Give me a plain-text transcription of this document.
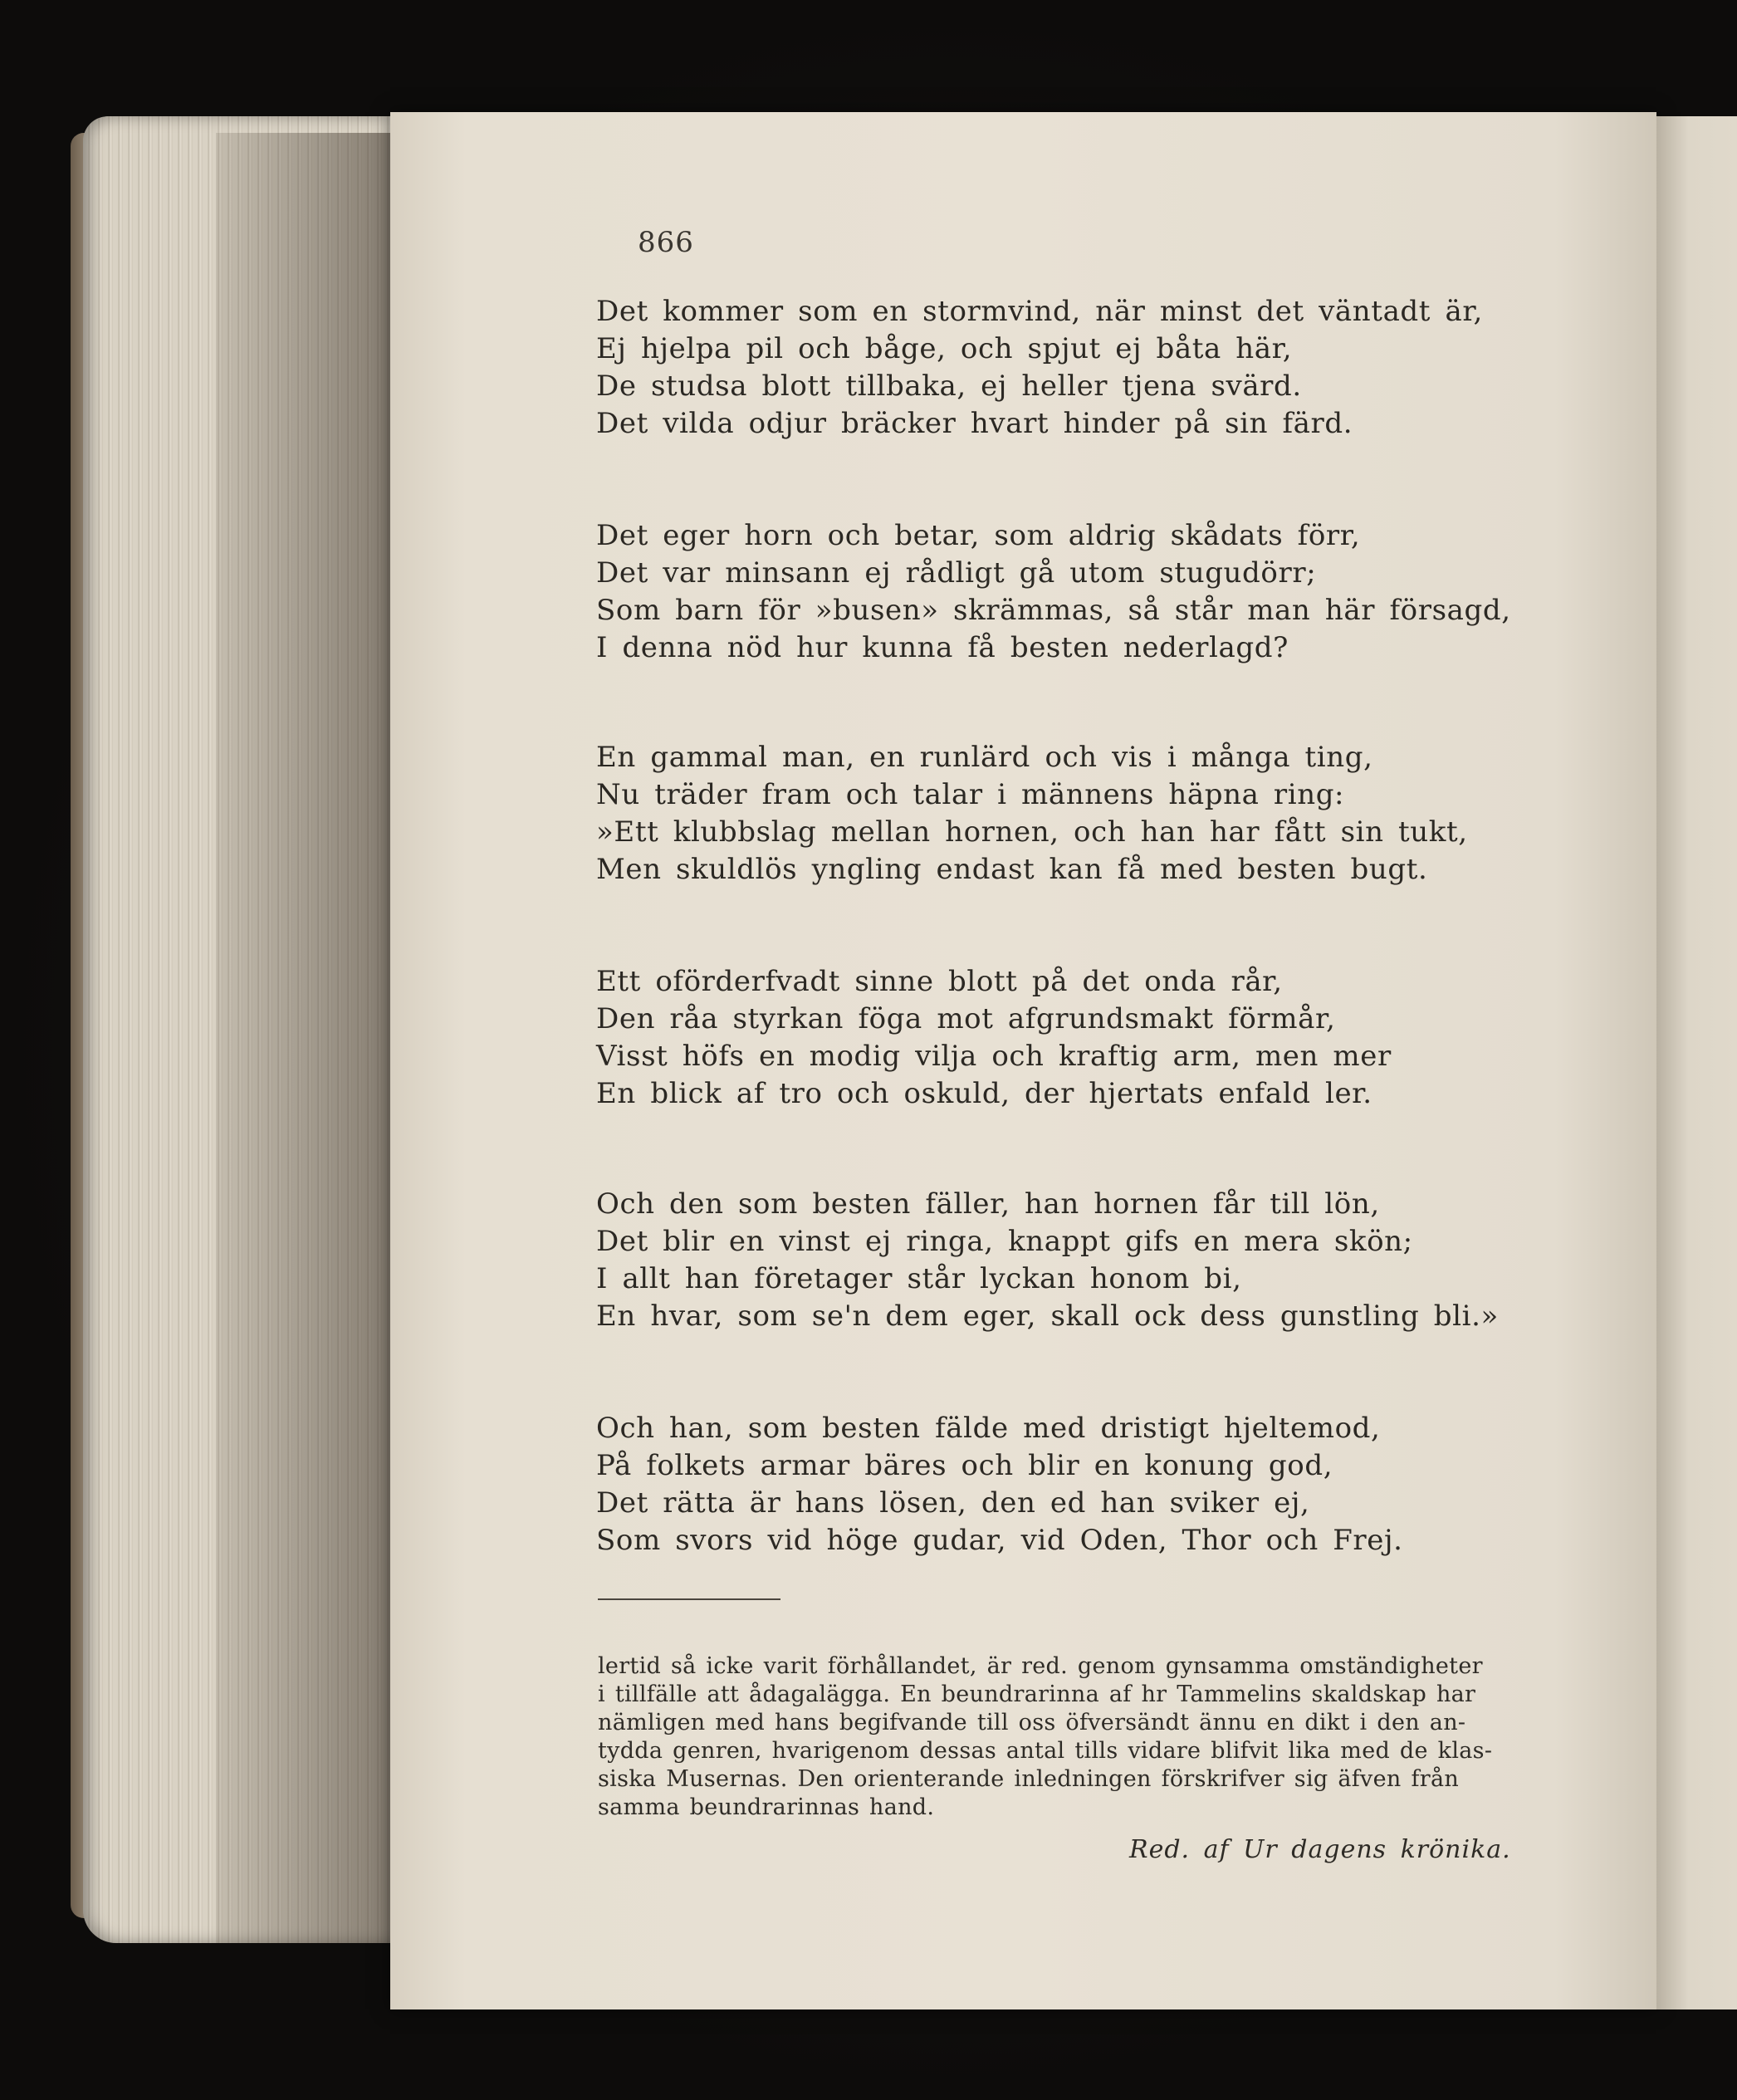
866
Det kommer som en stormvind, när minst det väntadt är,
Ej hjelpa pil och båge, och spjut ej båta här,
De studsa blott tillbaka, ej heller tjena svärd.
Det vilda odjur bräcker hvart hinder på sin färd.
Det eger horn och betar, som aldrig skådats förr,
Det var minsann ej rådligt gå utom stugudörr;
Som barn för »busen» skrämmas, så står man här försagd,
I denna nöd hur kunna få besten nederlagd?
En gammal man, en runlärd och vis i många ting,
Nu träder fram och talar i männens häpna ring:
»Ett klubbslag mellan hornen, och han har fått sin tukt,
Men skuldlös yngling endast kan få med besten bugt.
Ett oförderfvadt sinne blott på det onda rår,
Den råa styrkan föga mot afgrundsmakt förmår,
Visst höfs en modig vilja och kraftig arm, men mer
En blick af tro och oskuld, der hjertats enfald ler.
Och den som besten fäller, han hornen får till lön,
Det blir en vinst ej ringa, knappt gifs en mera skön;
I allt han företager står lyckan honom bi,
En hvar, som se'n dem eger, skall ock dess gunstling bli.»
Och han, som besten fälde med dristigt hjeltemod,
På folkets armar bäres och blir en konung god,
Det rätta är hans lösen, den ed han sviker ej,
Som svors vid höge gudar, vid Oden, Thor och Frej.
lertid så icke varit förhållandet, är red. genom gynsamma omständigheter
i tillfälle att ådagalägga. En beundrarinna af hr Tammelins skaldskap har
nämligen med hans begifvande till oss öfversändt ännu en dikt i den an-
tydda genren, hvarigenom dessas antal tills vidare blifvit lika med de klas-
siska Musernas. Den orienterande inledningen förskrifver sig äfven från
samma beundrarinnas hand.
Red. af Ur dagens krönika.
